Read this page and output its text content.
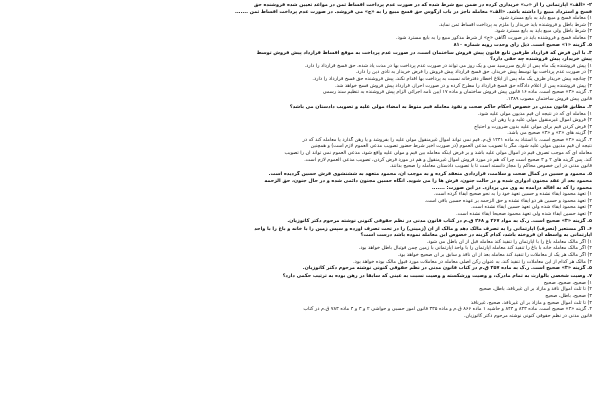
۲- «الف» آپارتمانی را از «ب» خریداری کرده در ضمن بیع شرط شده که در صورت عدم پرداخت اقساط ثمن در مواعد تعیین شده فروشنده حق
فسخ و استرداد مبیع را داشته باشد. «الف» معامله ناجز در باب آرگوس حق فسخ مبیع را به «ج» می فروشد. در صورت عدم پرداخت اقساط ثمن .......
۱) معامله فسخ و مبیع باید به بایع مسترد شود.
۲) شرط باطل و فروشنده باید خریدار را ملزم به پرداخت اقساط ثمن نماید.
۳) شرط باطل ولی مبیع باید به بایع مسترد شود.
۴) معامله فسخ و فروشنده باید در صورت آگاهی «ج» از شرط مذکور مبیع را به بایع مسترد شود.
۵. گزینه «۱» صحیح است. ذیل رأی وحدت رویه شماره ۸۱۰
۳. با این فرض که قرارداد طرفین تابع قانون پیش فروش ساختمان است، در صورت عدم پرداخت به موقع اقساط قرارداد پیش فروش توسط
پیش خریدار، پیش فروشنده چه حقی دارد؟
۱) پیش فروشنده یک ماه پس از تاریخ سررسید سی و یک روز می تواند در صورت عدم پرداخت بها در مدت یاد شده، حق فسخ قرارداد را دارد.
۲) در صورت عدم پرداخت بها توسط پیش خریدار، حق فسخ قرارداد پیش فروش را فرض خریدار به تادی دین را دارد.
۳) چنانچه پیش خریدار ظرف یک ماه پس از ابلاغ اخطار دفترخانه نسبت به پرداخت بها اقدام نکند، پیش فروشنده حق فسخ قرارداد را دارد.
۴) پیش فروشنده پس از اعلام دادگاه حق فسخ قرارداد را مطرح کرده و در صورت احراز، قرارداد پیش فروش فسخ خواهد شد.
۳. گزینه «۳» صحیح است. ماده ۱۶ قانون پیش فروش ساختمان و ماده ۱۷ آیین نامه اجرائی الزام پیش فروشنده به تنظیم سند رسمی
قانون پیش فروش ساختمان مصوب ۱۳۸۹.
۴. مطابق قانون مدنی در خصوص احکام حاکم صحت و نفوذ معامله فیم متوط به امضاء مولی علیه و تصویب دادستان می باشد؟
۱) معامله ای که در نتیجه آن قیم مدیون مولی علیه شود.
۲) فروش اموال غیرمنقول مولی علیه و یا رهن آن
۳) قرض کردن قیم برای مولی علیه بدون ضرورت و احتیاج
۴) گزینه های «۲» و «۳» صحیح می باشد.
۴. گزینه «۴» صحیح است. با استناد به ماده ۱۲۴۱ ق.م. قیم نمی تواند اموال غیرمنقول مولی علیه را بفروشد و یا رهن گذارد یا معامله کند که در
نتیجه آن قیم مدیون مولی علیه شود، مگر با تصویب مدعی العموم (در صورت اخیر شرط حضور تصویب مدعی العموم لازم است) و همچنین
معامله ای که موجب تصرف قیم در اموال مولی علیه باشد و بر فرض اینکه معامله بین قیم و مولی علیه واقع شود، مدعی العموم نمی تواند آن را تصویب
کند. پس گزینه های ۲ و ۳ صحیح است چرا که هم در مورد فروش اموال غیرمنقول و هم در مورد قرض کردن، تصویب مدعی العموم لازم است.
قانون مدنی در این خصوص محاکم را مجاز دانسته است تا با تصویب دادستان معامله را صحیح بدانند.
۵. محمود و حسین در کمال صحت و سلامت، قراردادی منعقد کرده و به موجب آن، محمود متعهد به ششنشوی فرش حسین گردیده است.
محمود بعد از عقد مجنون ادواری شده و در حالت جنون، فرش ها را می شوید. آنگاه حسین مجنون دائمی شده و در حال جنون، حق الزحمه
محمود را که به اقاله درآمده به وی می پردازد. در این صورت: .......
۱) تعهد محمود ایفاء نشده و حسین تعهد خود را به نحو صحیح ایفاء کرده است.
۲) تعهد محمود و حسین هر دو ایفاء نشده و حق الزحمه بر عهده حسین باقی است.
۳) تعهد محمود ایفاء شده ولی تعهد حسین ایفاء نشده است.
۴) تعهد حسین ایفاء شده ولی تعهد محمود صحیحاً ایفاء نشده است.
۵. گزینه «۳» صحیح است. ر.ک به مواد ۲۶۷ و ۲۶۸ ق.م در کتاب قانون مدنی در نظم حقوقی کنونی نوشته مرحوم دکتر کاتوزیان.
۶. اگر مستعیر (تصرف) آپارتمانی را به تصرف مالک دهد و مالک از آن (زمینی) را در تحت تصرف آورده و سپس زمین را با خانه و باغ را با واحد
آپارتمانی به واسطه آن فروخته باشد، کدام گزینه در خصوص این معامله نموده باشد درست است؟
۱) اگر مالک معامله باغ را با آپارتمان را تنفیذ کند معامله قبل از آن باطل می شود.
۲) اگر مالک معامله خانه با باغ را تنفیذ کند معامله آپارتمان را با واحد آپارتمانی با زمین چمن فوتبال باطل خواهد بود.
۳) اگر مالک هر یک از معاملات را تنفیذ کند معامله بعد از آن ناقد و سابق بر آن صحیح خواهد بود.
۴) مالک هر کدام از این معاملات را تنفیذ کند، به عنوان رکن اصلی معامله در معاملات مورد قبول مالک بوده خواهد بود.
۵. گزینه «۳» صحیح است. ر.ک به ماده ۲۵۷ ق.م در کتاب قانون مدنی در نظم حقوقی کنونی نوشته مرحوم دکتر کاتوزیان.
۷. وصیت شخصی بالوارث به تمام مادرک، و وصیت ورشکسته و وصیت نسبت به عینی که سابقاً در رهن بوده به ترتیب حکمی دارد؟
۱) صحیح، صحیح، صحیح
۲) تا ثلث اموال نافذ و مازاد بر آن غیرنافذ، باطل، صحیح
۳) صحیح، باطل، صحیح
۴) تا ثلث اموال صحیح و مازاد بر آن غیرنافذ، صحیح، غیرنافذ
۴. گزینه «۴» صحیح است. ماده ۸۴۳ و ۸۴۴ و حاشیه ۱ ماده ۸۶۶ ق.م و ماده ۳۳۵ قانون امور حسبی و حواشی ۲ و ۳ و ۴ ماده ۷۸۳ ق.م در کتاب
قانون مدنی در نظم حقوقی کنونی نوشته مرحوم دکتر کاتوزیان.
